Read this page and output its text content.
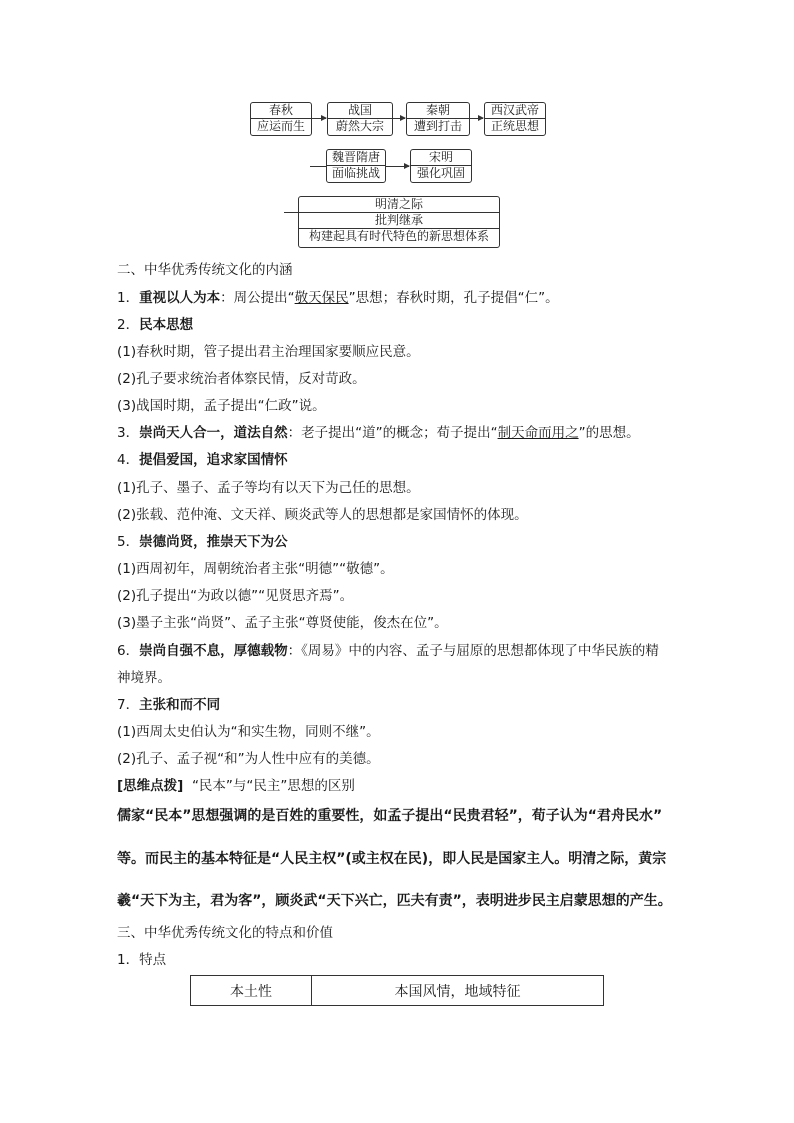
春秋
应运而生
战国
蔚然大宗
秦朝
遭到打击
西汉武帝
正统思想
魏晋隋唐
面临挑战
宋明
强化巩固
明清之际
批判继承
构建起具有时代特色的新思想体系
二、中华优秀传统文化的内涵
1．重视以人为本：周公提出“敬天保民”思想；春秋时期，孔子提倡“仁”。
2．民本思想
(1)春秋时期，管子提出君主治理国家要顺应民意。
(2)孔子要求统治者体察民情，反对苛政。
(3)战国时期，孟子提出“仁政”说。
3．崇尚天人合一，道法自然：老子提出“道”的概念；荀子提出“制天命而用之”的思想。
4．提倡爱国，追求家国情怀
(1)孔子、墨子、孟子等均有以天下为己任的思想。
(2)张载、范仲淹、文天祥、顾炎武等人的思想都是家国情怀的体现。
5．崇德尚贤，推崇天下为公
(1)西周初年，周朝统治者主张“明德”“敬德”。
(2)孔子提出“为政以德”“见贤思齐焉”。
(3)墨子主张“尚贤”、孟子主张“尊贤使能，俊杰在位”。
6．崇尚自强不息，厚德载物：《周易》中的内容、孟子与屈原的思想都体现了中华民族的精
神境界。
7．主张和而不同
(1)西周太史伯认为“和实生物，同则不继”。
(2)孔子、孟子视“和”为人性中应有的美德。
[思维点拨] “民本”与“民主”思想的区别
儒家“民本”思想强调的是百姓的重要性，如孟子提出“民贵君轻”，荀子认为“君舟民水”
等。而民主的基本特征是“人民主权”(或主权在民)，即人民是国家主人。明清之际，黄宗
羲“天下为主，君为客”，顾炎武“天下兴亡，匹夫有责”，表明进步民主启蒙思想的产生。
三、中华优秀传统文化的特点和价值
1．特点
本土性	本国风情，地域特征
